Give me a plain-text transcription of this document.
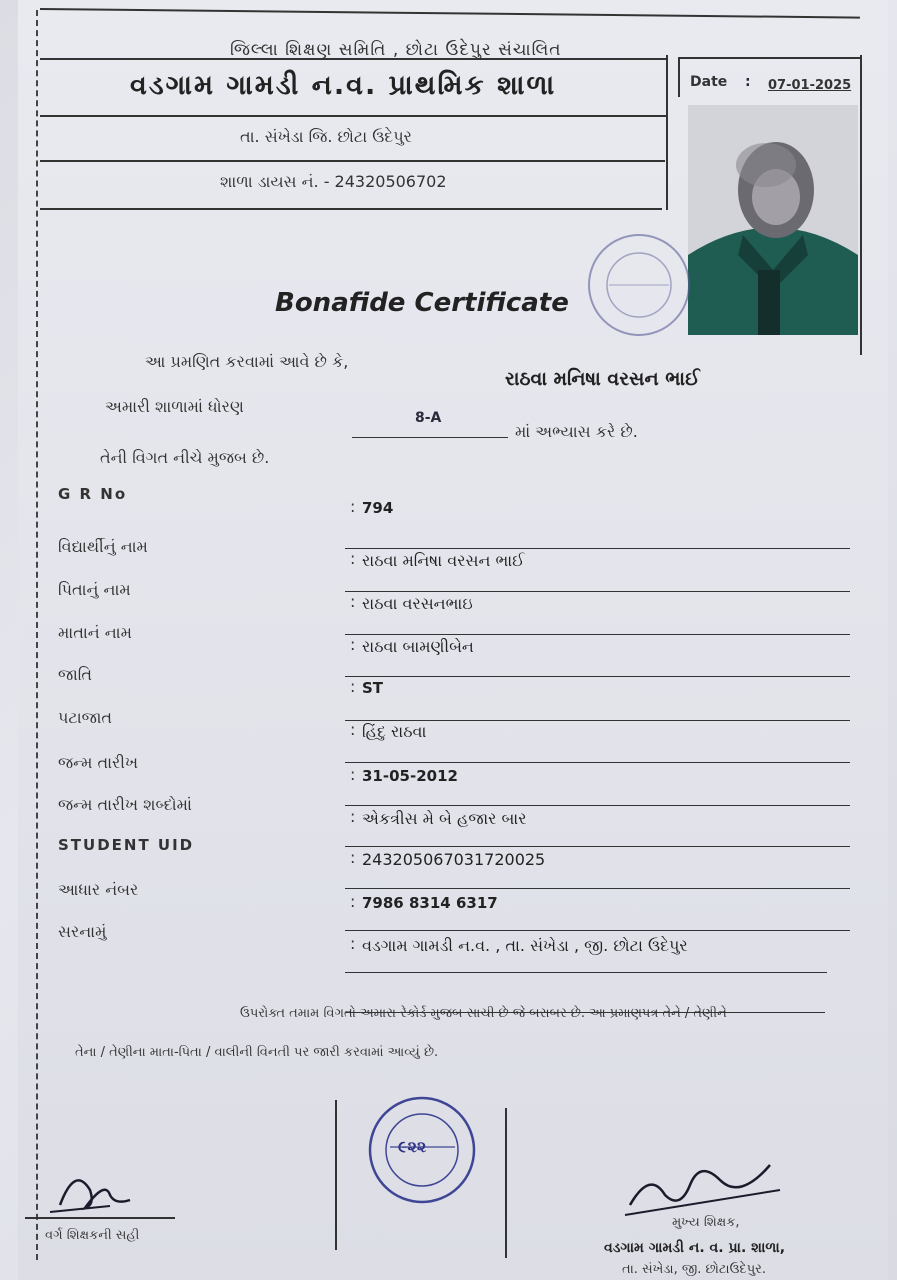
જિલ્લા શિક્ષણ સમિતિ , છોટા ઉદેપુર સંચાલિત
વડગામ ગામડી ન.વ. પ્રાથમિક શાળા
તા. સંખેડા જિ. છોટા ઉદેપુર
શાળા ડાયસ નં. - 24320506702
Date : 07-01-2025
Bonafide Certificate
આ પ્રમણિત કરવામાં આવે છે કે,
રાઠવા મનિષા વરસન ભાઈ
અમારી શાળામાં ધોરણ
8-A
માં અભ્યાસ કરે છે.
તેની વિગત નીચે મુજબ છે.
G R No
: 794
વિદ્યાર્થીનું નામ
: રાઠવા મનિષા વરસન ભાઈ
પિતાનું નામ
: રાઠવા વરસનભાઇ
માતાનં નામ
: રાઠવા બામણીબેન
જાતિ
: ST
પટાજાત
: હિંદુ રાઠવા
જન્મ તારીખ
: 31-05-2012
જન્મ તારીખ શબ્દોમાં
: એકત્રીસ મે બે હજાર બાર
STUDENT UID
: 243205067031720025
આધાર નંબર
: 7986 8314 6317
સરનામું
: વડગામ ગામડી ન.વ. , તા. સંખેડા , જી. છોટા ઉદેપુર
ઉપરોક્ત તમામ વિગતો અમારા રેકોર્ડ મુજબ સાચી છે જે બરાબર છે. આ પ્રમાણપત્ર તેને / તેણીને
તેના / તેણીના માતા-પિતા / વાલીની વિનતી પર જારી કરવામાં આવ્યું છે.
૯૨૨
વર્ગ શિક્ષકની સહી
મુખ્ય શિક્ષક,
વડગામ ગામડી ન. વ. પ્રા. શાળા,
તા. સંખેડા, જી. છોટાઉદેપુર.
